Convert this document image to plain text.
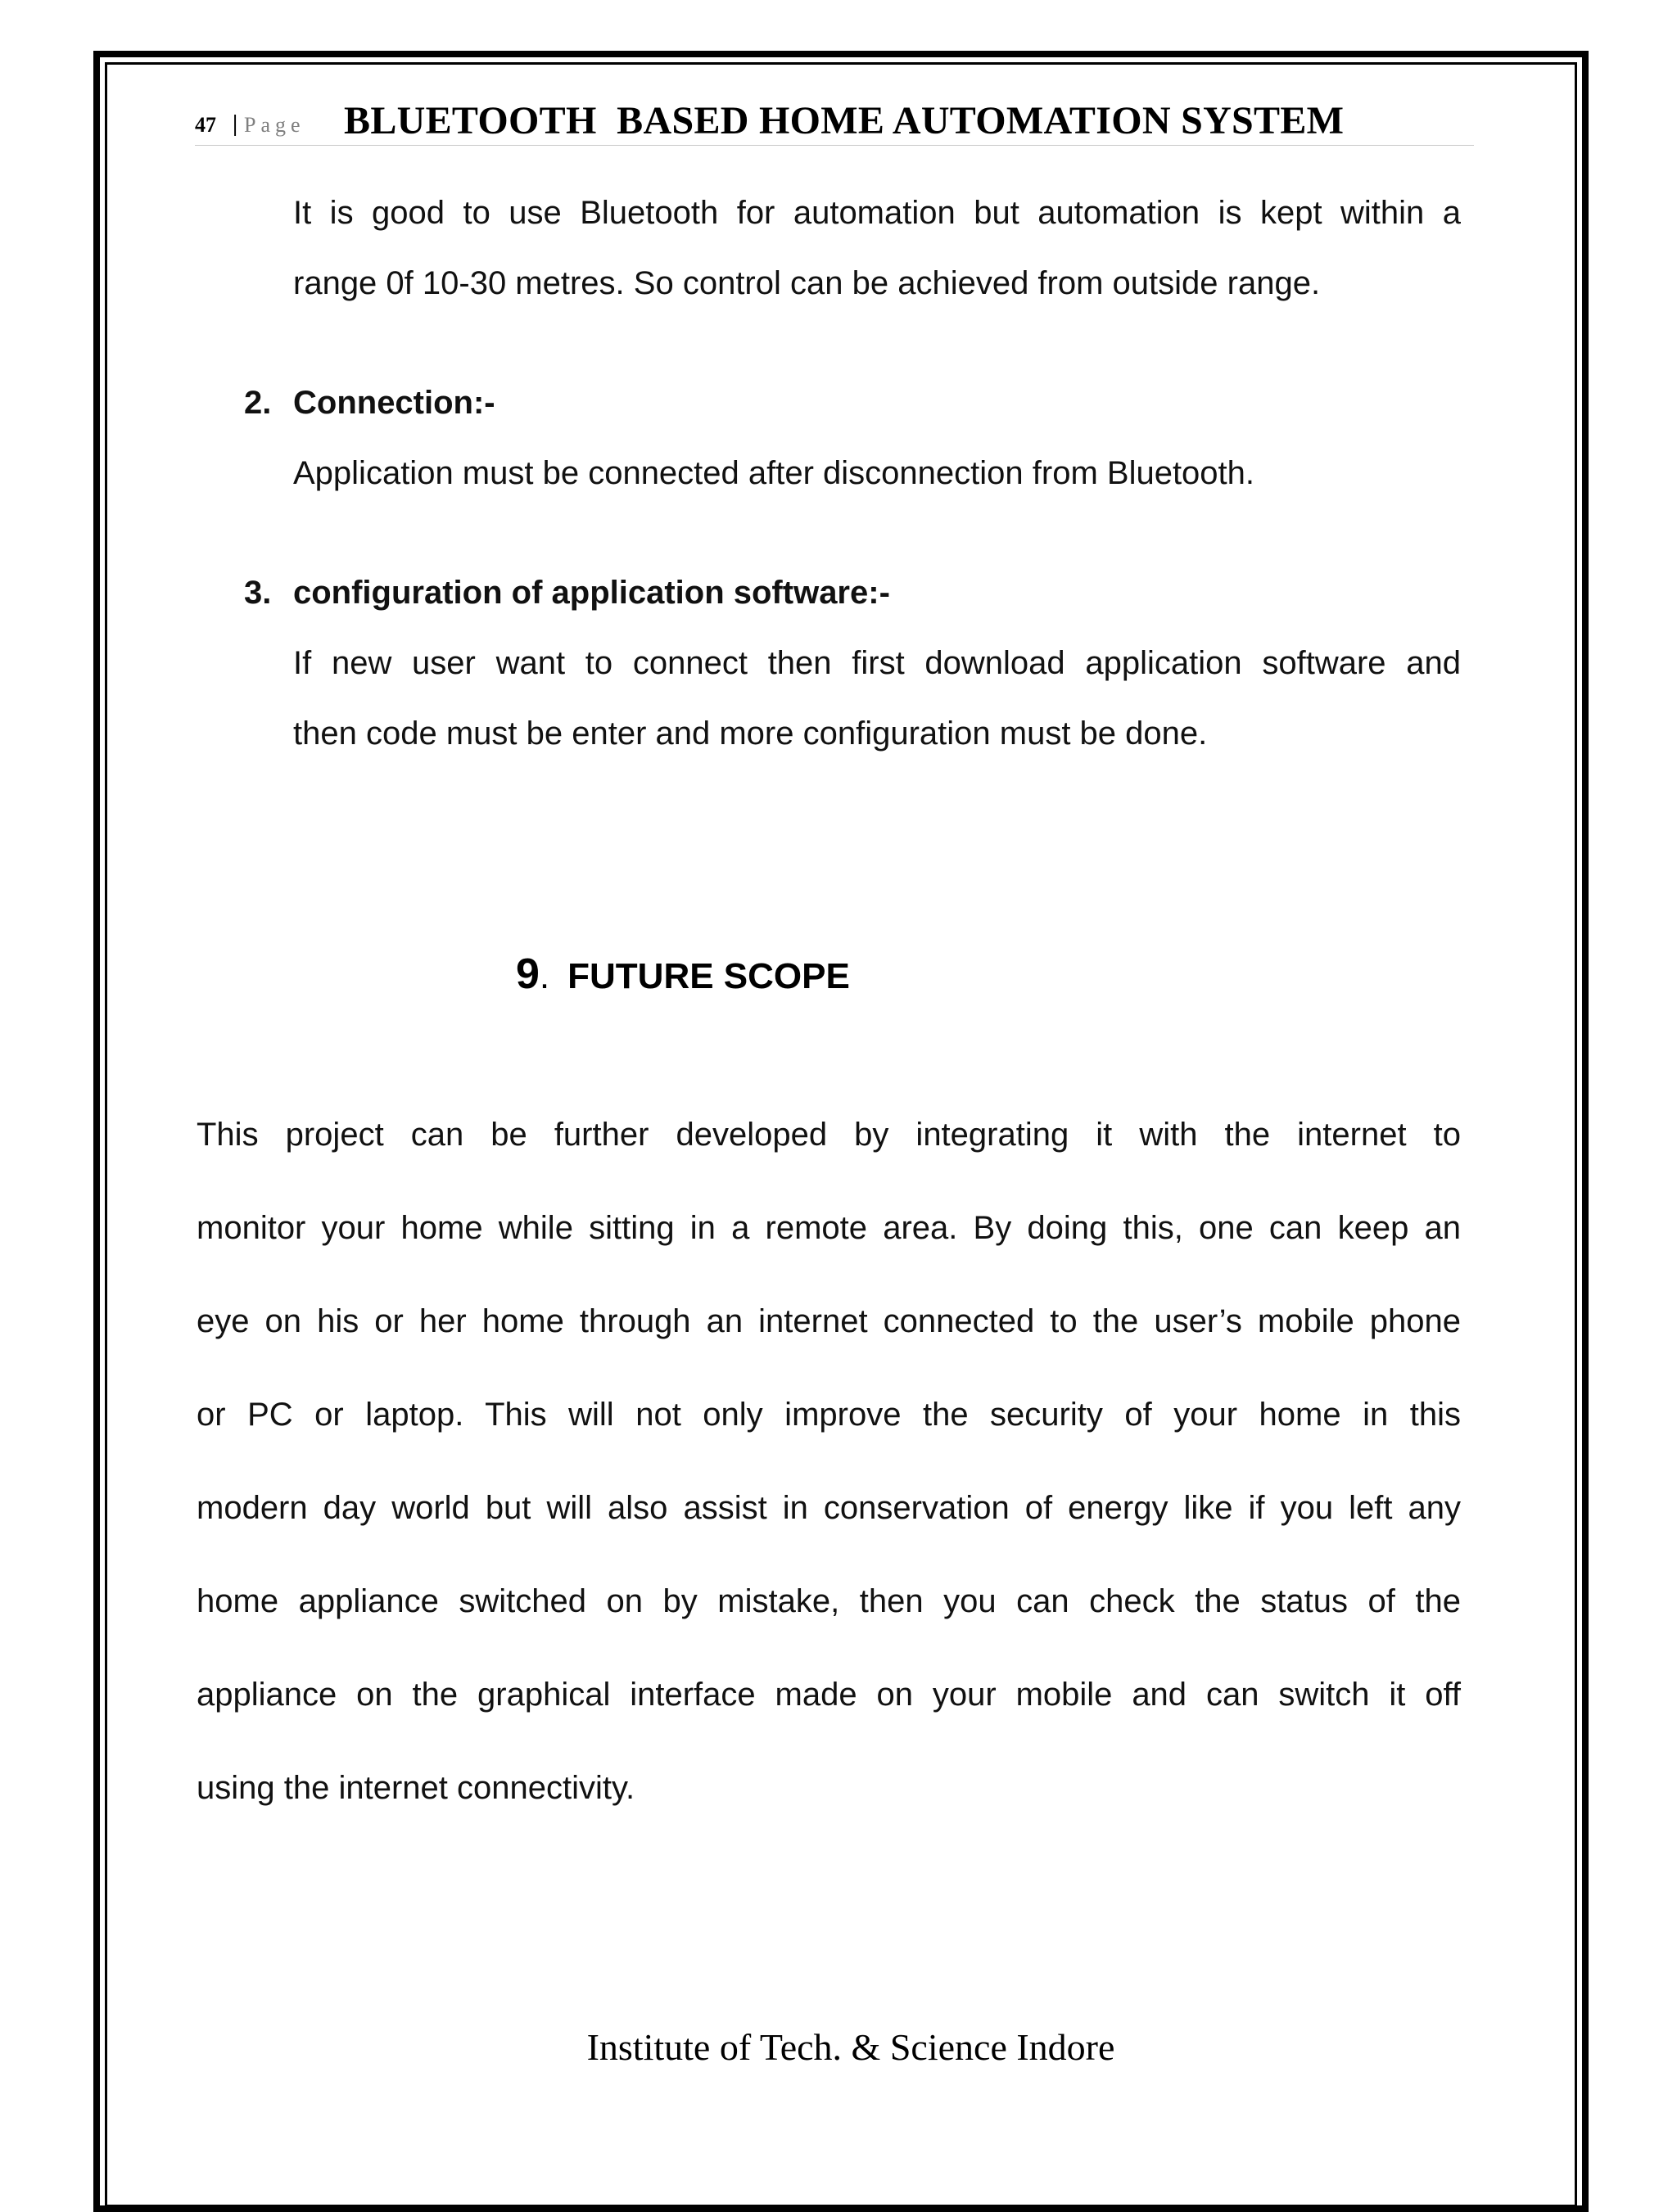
47 | Page BLUETOOTH  BASED HOME AUTOMATION SYSTEM
It is good to use Bluetooth for automation but automation is kept within a
range 0f 10-30 metres. So control can be achieved from outside range.
2. Connection:-
Application must be connected after disconnection from Bluetooth.
3. configuration of application software:-
If new user want to connect then first download application software and
then code must be enter and more configuration must be done.
9. FUTURE SCOPE
This project can be further developed by integrating it with the internet to
monitor your home while sitting in a remote area. By doing this, one can keep an
eye on his or her home through an internet connected to the user’s mobile phone
or PC or laptop. This will not only improve the security of your home in this
modern day world but will also assist in conservation of energy like if you left any
home appliance switched on by mistake, then you can check the status of the
appliance on the graphical interface made on your mobile and can switch it off
using the internet connectivity.
Institute of Tech. & Science Indore
